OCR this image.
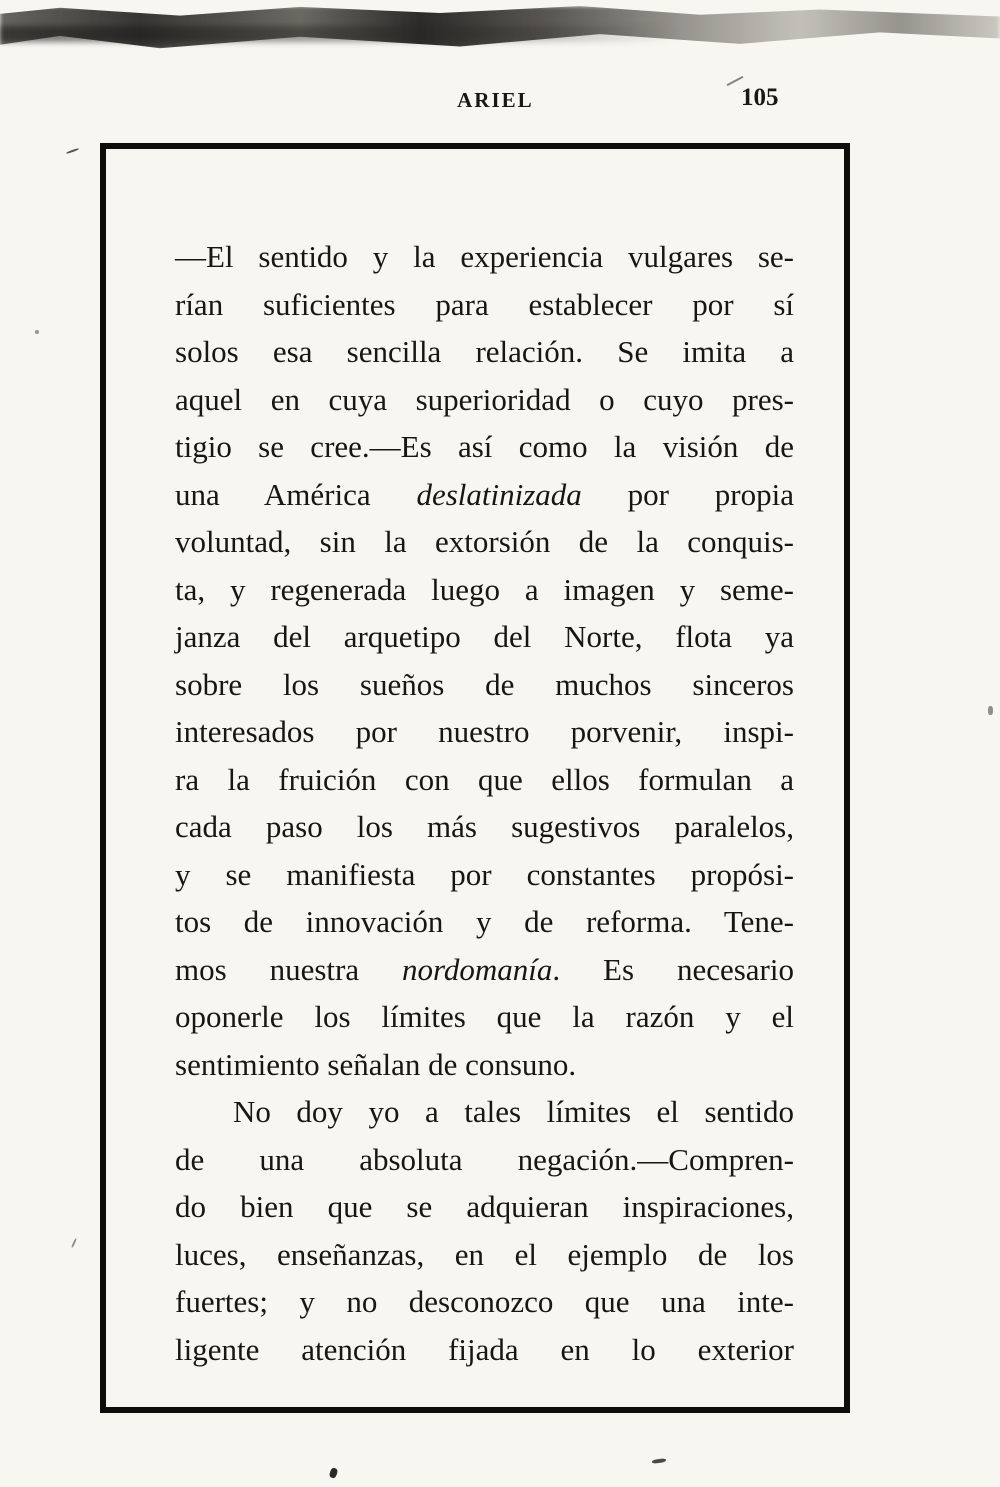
ARIEL	105
—El sentido y la experiencia vulgares se-
rían suficientes para establecer por sí
solos esa sencilla relación. Se imita a
aquel en cuya superioridad o cuyo pres-
tigio se cree.—Es así como la visión de
una América deslatinizada por propia
voluntad, sin la extorsión de la conquis-
ta, y regenerada luego a imagen y seme-
janza del arquetipo del Norte, flota ya
sobre los sueños de muchos sinceros
interesados por nuestro porvenir, inspi-
ra la fruición con que ellos formulan a
cada paso los más sugestivos paralelos,
y se manifiesta por constantes propósi-
tos de innovación y de reforma. Tene-
mos nuestra nordomanía. Es necesario
oponerle los límites que la razón y el
sentimiento señalan de consuno.
No doy yo a tales límites el sentido
de una absoluta negación.—Compren-
do bien que se adquieran inspiraciones,
luces, enseñanzas, en el ejemplo de los
fuertes; y no desconozco que una inte-
ligente atención fijada en lo exterior
